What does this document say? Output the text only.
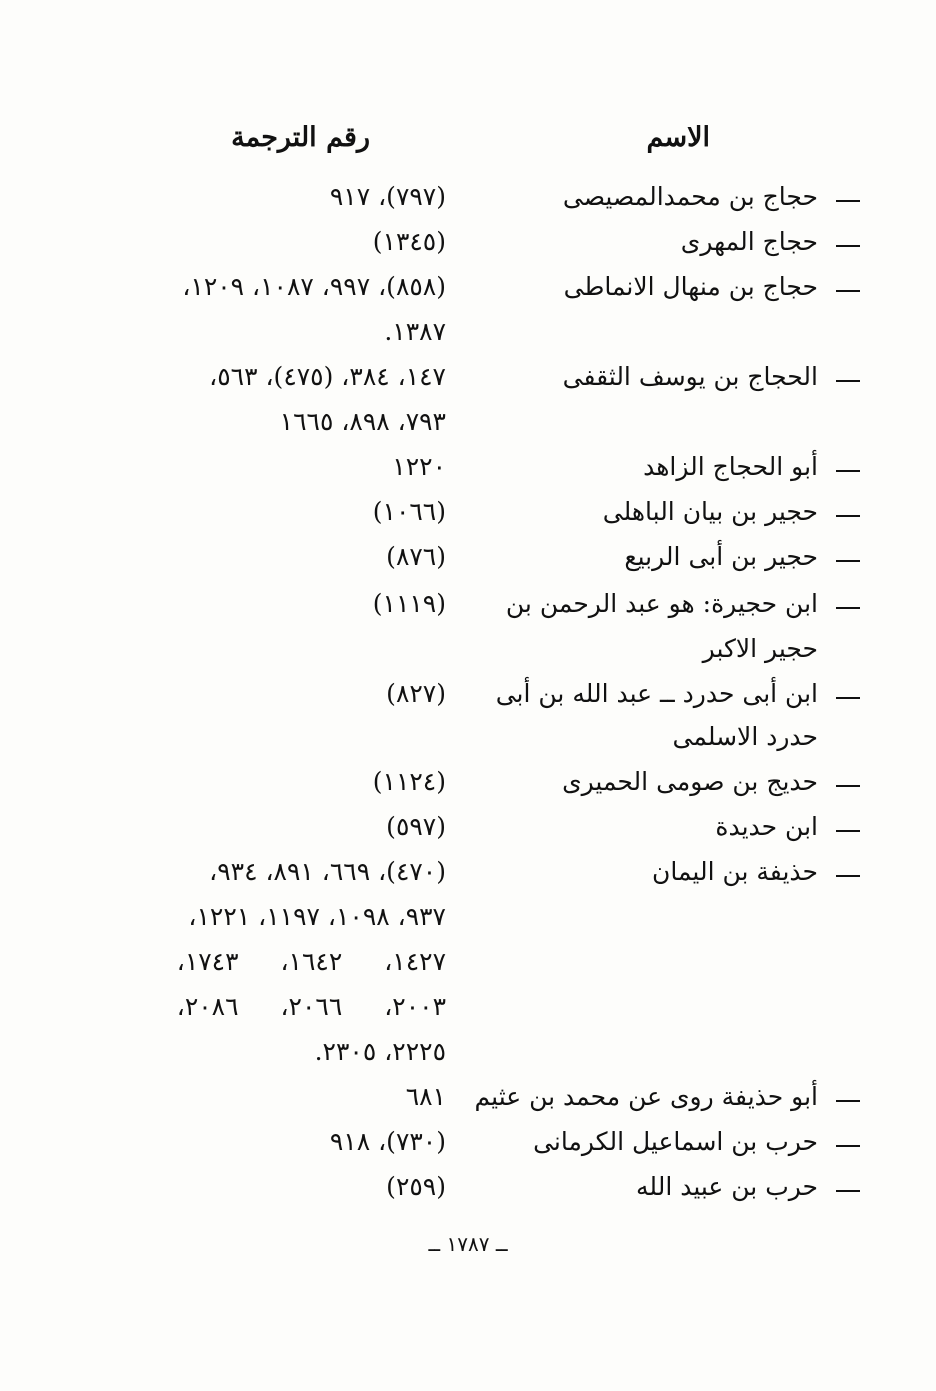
الاسم
رقم الترجمة
حجاج بن محمدالمصيصى
(٧٩٧)، ٩١٧
حجاج المهرى
(١٣٤٥)
حجاج بن منهال الانماطى
(٨٥٨)، ٩٩٧، ١٠٨٧، ١٢٠٩،
١٣٨٧.
الحجاج بن يوسف الثقفى
١٤٧، ٣٨٤، (٤٧٥)، ٥٦٣،
٧٩٣، ٨٩٨، ١٦٦٥
أبو الحجاج الزاهد
١٢٢٠
حجير بن بيان الباهلى
(١٠٦٦)
حجير بن أبى الربيع
(٨٧٦)
ابن حجيرة: هو عبد الرحمن بن
(١١١٩)
حجير الاكبر
ابن أبى حدرد ــ عبد الله بن أبى
(٨٢٧)
حدرد الاسلمى
حديج بن صومى الحميرى
(١١٢٤)
ابن حديدة
(٥٩٧)
حذيفة بن اليمان
(٤٧٠)، ٦٦٩، ٨٩١، ٩٣٤،
٩٣٧، ١٠٩٨، ١١٩٧، ١٢٢١،
١٤٢٧، ١٦٤٢، ١٧٤٣،
٢٠٠٣، ٢٠٦٦، ٢٠٨٦،
٢٢٢٥، ٢٣٠٥.
أبو حذيفة روى عن محمد بن عثيم
٦٨١
حرب بن اسماعيل الكرمانى
(٧٣٠)، ٩١٨
حرب بن عبيد الله
(٢٥٩)
ــ ١٧٨٧ ــ
